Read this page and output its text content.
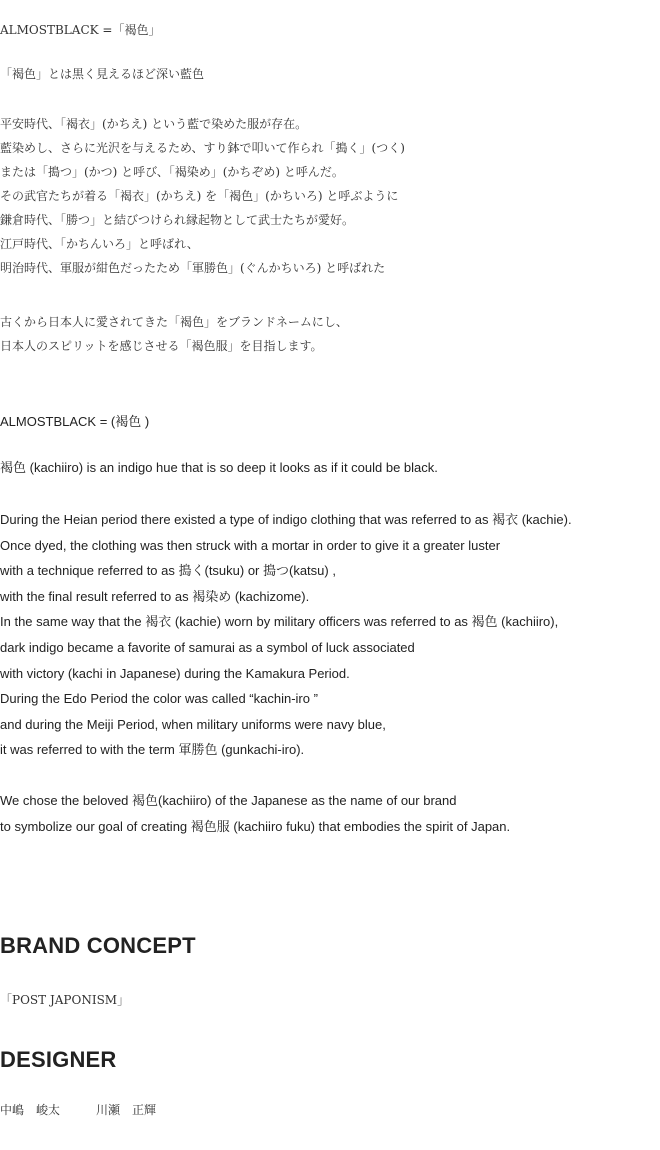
ALMOSTBLACK =「褐色」

「褐色」とは黒く見えるほど深い藍色

平安時代、「褐衣」(かちえ) という藍で染めた服が存在。

藍染めし、さらに光沢を与えるため、すり鉢で叩いて作られ「搗く」(つく)

または「搗つ」(かつ) と呼び、「褐染め」(かちぞめ) と呼んだ。

その武官たちが着る「褐衣」(かちえ) を「褐色」(かちいろ) と呼ぶように

鎌倉時代、「勝つ」と結びつけられ縁起物として武士たちが愛好。

江戸時代、「かちんいろ」と呼ばれ、

明治時代、軍服が紺色だったため「軍勝色」(ぐんかちいろ) と呼ばれた

古くから日本人に愛されてきた「褐色」をブランドネームにし、

日本人のスピリットを感じさせる「褐色服」を目指します。

ALMOSTBLACK = (褐色 )

褐色 (kachiiro) is an indigo hue that is so deep it looks as if it could be black.

During the Heian period there existed a type of indigo clothing that was referred to as 褐衣 (kachie).

Once dyed, the clothing was then struck with a mortar in order to give it a greater luster

with a technique referred to as 搗く(tsuku) or 搗つ(katsu) ,

with the final result referred to as 褐染め (kachizome).

In the same way that the 褐衣 (kachie) worn by military officers was referred to as 褐色 (kachiiro),

dark indigo became a favorite of samurai as a symbol of luck associated

with victory (kachi in Japanese) during the Kamakura Period.

During the Edo Period the color was called “kachin-iro ”

and during the Meiji Period, when military uniforms were navy blue,

it was referred to with the term 軍勝色 (gunkachi-iro).

We chose the beloved 褐色(kachiiro) of the Japanese as the name of our brand

to symbolize our goal of creating 褐色服 (kachiiro fuku) that embodies the spirit of Japan.

BRAND CONCEPT

「POST JAPONISM」

DESIGNER

中嶋　峻太　　　川瀬　正輝
